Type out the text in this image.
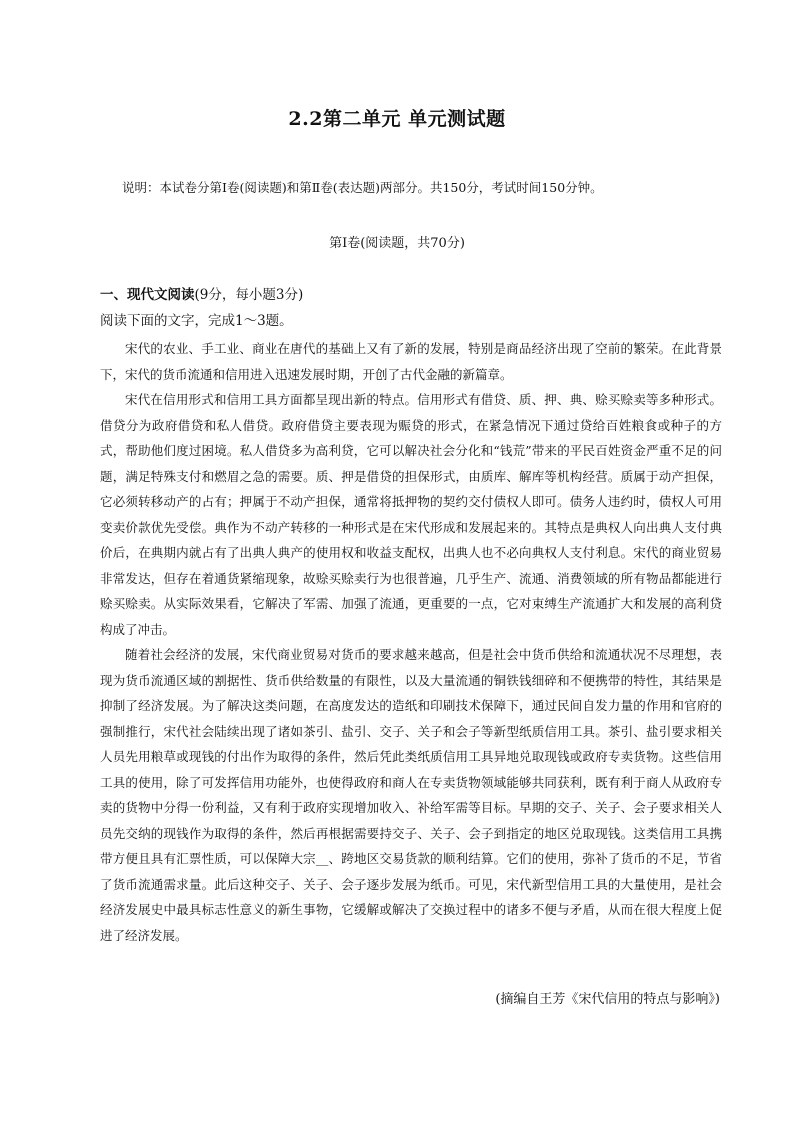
2.2第二单元 单元测试题
说明：本试卷分第Ⅰ卷(阅读题)和第Ⅱ卷(表达题)两部分。共150分，考试时间150分钟。
第Ⅰ卷(阅读题，共70分)
一、现代文阅读(9分，每小题3分)
阅读下面的文字，完成1～3题。

宋代的农业、手工业、商业在唐代的基础上又有了新的发展，特别是商品经济出现了空前的繁荣。在此背景下，宋代的货币流通和信用进入迅速发展时期，开创了古代金融的新篇章。

宋代在信用形式和信用工具方面都呈现出新的特点。信用形式有借贷、质、押、典、赊买赊卖等多种形式。借贷分为政府借贷和私人借贷。政府借贷主要表现为赈贷的形式，在紧急情况下通过贷给百姓粮食或种子的方式，帮助他们度过困境。私人借贷多为高利贷，它可以解决社会分化和“钱荒”带来的平民百姓资金严重不足的问题，满足特殊支付和燃眉之急的需要。质、押是借贷的担保形式，由质库、解库等机构经营。质属于动产担保，它必须转移动产的占有；押属于不动产担保，通常将抵押物的契约交付债权人即可。债务人违约时，债权人可用变卖价款优先受偿。典作为不动产转移的一种形式是在宋代形成和发展起来的。其特点是典权人向出典人支付典价后，在典期内就占有了出典人典产的使用权和收益支配权，出典人也不必向典权人支付利息。宋代的商业贸易非常发达，但存在着通货紧缩现象，故赊买赊卖行为也很普遍，几乎生产、流通、消费领域的所有物品都能进行赊买赊卖。从实际效果看，它解决了军需、加强了流通，更重要的一点，它对束缚生产流通扩大和发展的高利贷构成了冲击。

随着社会经济的发展，宋代商业贸易对货币的要求越来越高，但是社会中货币供给和流通状况不尽理想，表现为货币流通区域的割据性、货币供给数量的有限性，以及大量流通的铜铁钱细碎和不便携带的特性，其结果是抑制了经济发展。为了解决这类问题，在高度发达的造纸和印刷技术保障下，通过民间自发力量的作用和官府的强制推行，宋代社会陆续出现了诸如茶引、盐引、交子、关子和会子等新型纸质信用工具。茶引、盐引要求相关人员先用粮草或现钱的付出作为取得的条件，然后凭此类纸质信用工具异地兑取现钱或政府专卖货物。这些信用工具的使用，除了可发挥信用功能外，也使得政府和商人在专卖货物领域能够共同获利，既有利于商人从政府专卖的货物中分得一份利益，又有利于政府实现增加收入、补给军需等目标。早期的交子、关子、会子要求相关人员先交纳的现钱作为取得的条件，然后再根据需要持交子、关子、会子到指定的地区兑取现钱。这类信用工具携带方便且具有汇票性质，可以保障大宗__、跨地区交易货款的顺利结算。它们的使用，弥补了货币的不足，节省了货币流通需求量。此后这种交子、关子、会子逐步发展为纸币。可见，宋代新型信用工具的大量使用，是社会经济发展史中最具标志性意义的新生事物，它缓解或解决了交换过程中的诸多不便与矛盾，从而在很大程度上促进了经济发展。

(摘编自王芳《宋代信用的特点与影响》)
